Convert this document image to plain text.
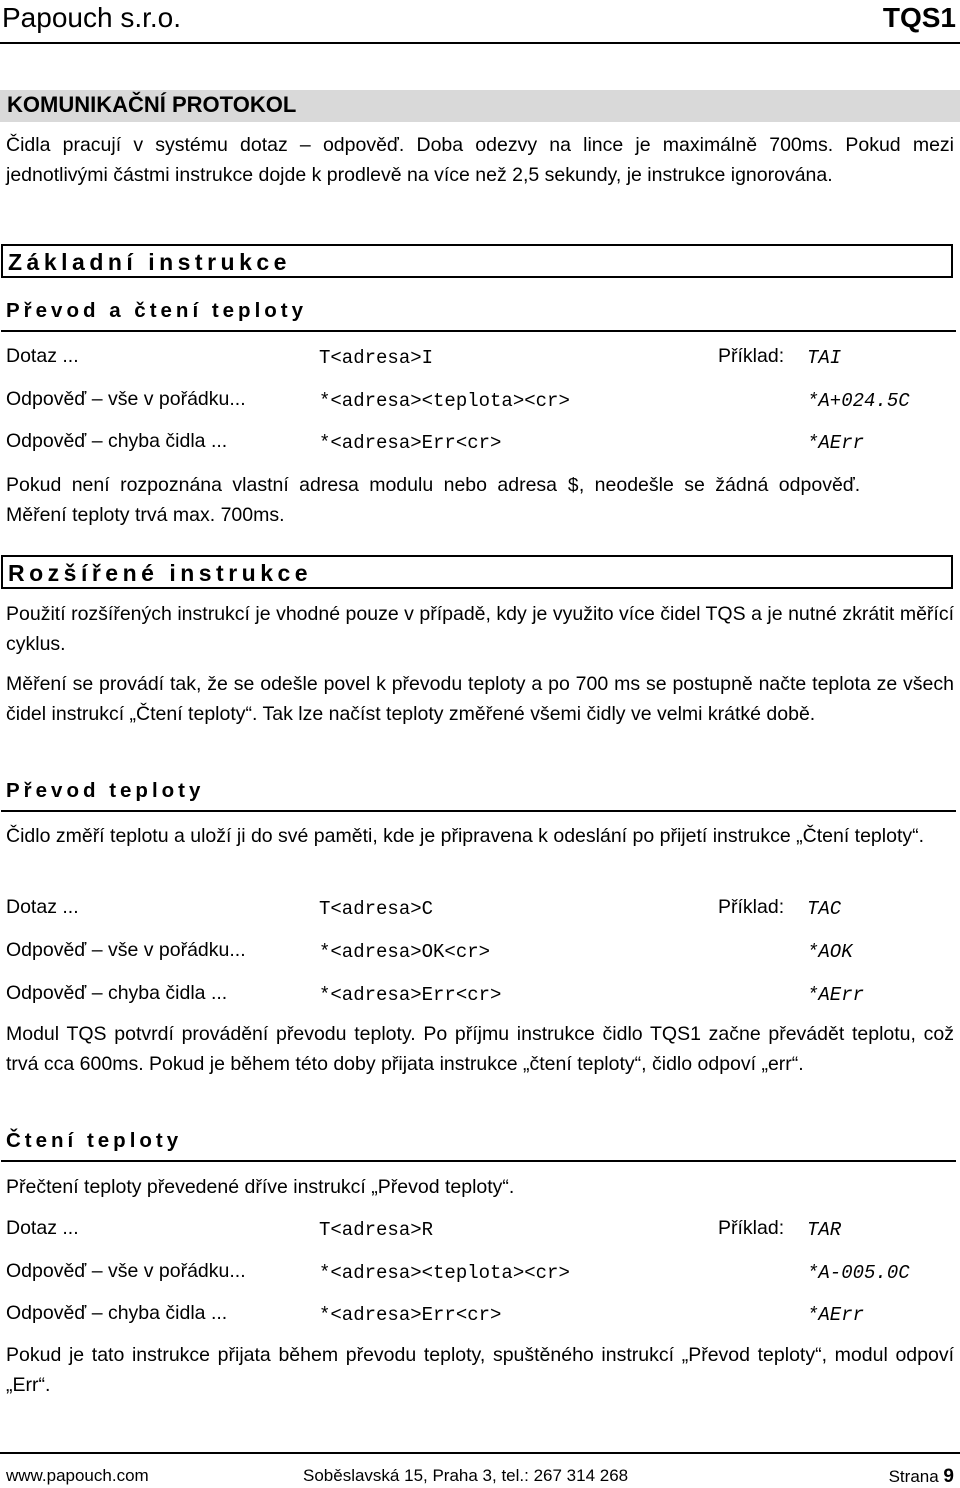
Papouch s.r.o.	TQS1
KOMUNIKAČNÍ PROTOKOL
Čidla pracují v systému dotaz – odpověď. Doba odezvy na lince je maximálně 700ms. Pokud mezi jednotlivými částmi instrukce dojde k prodlevě na více než 2,5 sekundy, je instrukce ignorována.
Základní instrukce
Převod a čtení teploty
Dotaz ...	T<adresa>I	Příklad: TAI
Odpověď – vše v pořádku...	*<adresa><teplota><cr>	*A+024.5C
Odpověď – chyba čidla ...	*<adresa>Err<cr>	*AErr
Pokud není rozpoznána vlastní adresa modulu nebo adresa $, neodešle se žádná odpověď.
Měření teploty trvá max. 700ms.
Rozšířené instrukce
Použití rozšířených instrukcí je vhodné pouze v případě, kdy je využito více čidel TQS a je nutné zkrátit měřící cyklus.
Měření se provádí tak, že se odešle povel k převodu teploty a po 700 ms se postupně načte teplota ze všech čidel instrukcí „Čtení teploty“. Tak lze načíst teploty změřené všemi čidly ve velmi krátké době.
Převod teploty
Čidlo změří teplotu a uloží ji do své paměti, kde je připravena k odeslání po přijetí instrukce „Čtení teploty“.
Dotaz ...	T<adresa>C	Příklad: TAC
Odpověď – vše v pořádku...	*<adresa>OK<cr>	*AOK
Odpověď – chyba čidla ...	*<adresa>Err<cr>	*AErr
Modul TQS potvrdí provádění převodu teploty. Po příjmu instrukce čidlo TQS1 začne převádět teplotu, což trvá cca 600ms. Pokud je během této doby přijata instrukce „čtení teploty“, čidlo odpoví „err“.
Čtení teploty
Přečtení teploty převedené dříve instrukcí „Převod teploty“.
Dotaz ...	T<adresa>R	Příklad: TAR
Odpověď – vše v pořádku...	*<adresa><teplota><cr>	*A-005.0C
Odpověď – chyba čidla ...	*<adresa>Err<cr>	*AErr
Pokud je tato instrukce přijata během převodu teploty, spuštěného instrukcí „Převod teploty“, modul odpoví „Err“.
www.papouch.com	Soběslavská 15, Praha 3, tel.: 267 314 268	Strana 9
